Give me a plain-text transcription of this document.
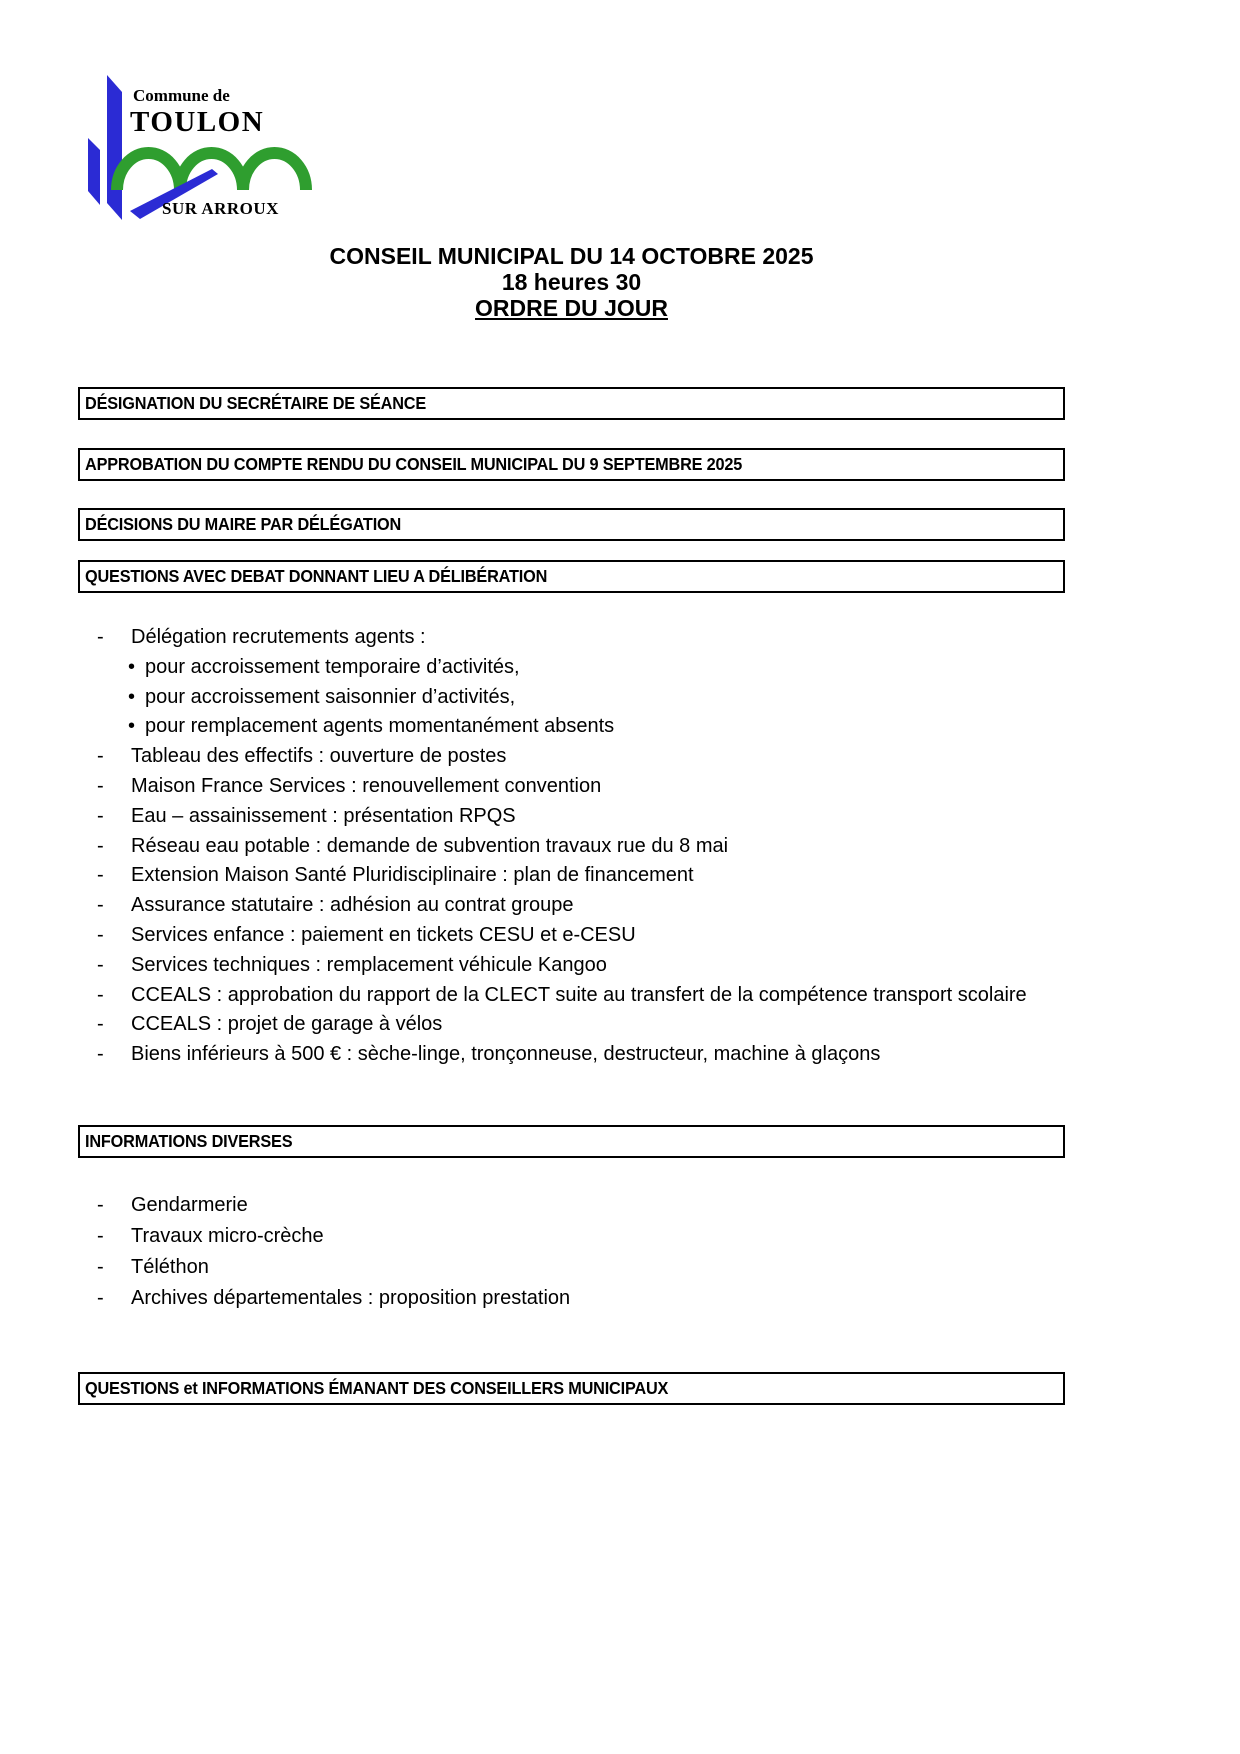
Commune de
TOULON
SUR ARROUX
CONSEIL MUNICIPAL DU 14 OCTOBRE 2025
18 heures 30
ORDRE DU JOUR
DÉSIGNATION DU SECRÉTAIRE DE SÉANCE
APPROBATION DU COMPTE RENDU DU CONSEIL MUNICIPAL DU 9 SEPTEMBRE 2025
DÉCISIONS DU MAIRE PAR DÉLÉGATION
QUESTIONS AVEC DEBAT DONNANT LIEU A DÉLIBÉRATION
- Délégation recrutements agents :
• pour accroissement temporaire d’activités,
• pour accroissement saisonnier d’activités,
• pour remplacement agents momentanément absents
- Tableau des effectifs : ouverture de postes
- Maison France Services : renouvellement convention
- Eau – assainissement : présentation RPQS
- Réseau eau potable : demande de subvention travaux rue du 8 mai
- Extension Maison Santé Pluridisciplinaire : plan de financement
- Assurance statutaire : adhésion au contrat groupe
- Services enfance : paiement en tickets CESU et e-CESU
- Services techniques : remplacement véhicule Kangoo
- CCEALS : approbation du rapport de la CLECT suite au transfert de la compétence transport scolaire
- CCEALS : projet de garage à vélos
- Biens inférieurs à 500 € : sèche-linge, tronçonneuse, destructeur, machine à glaçons
INFORMATIONS DIVERSES
- Gendarmerie
- Travaux micro-crèche
- Téléthon
- Archives départementales : proposition prestation
QUESTIONS et INFORMATIONS ÉMANANT DES CONSEILLERS MUNICIPAUX
